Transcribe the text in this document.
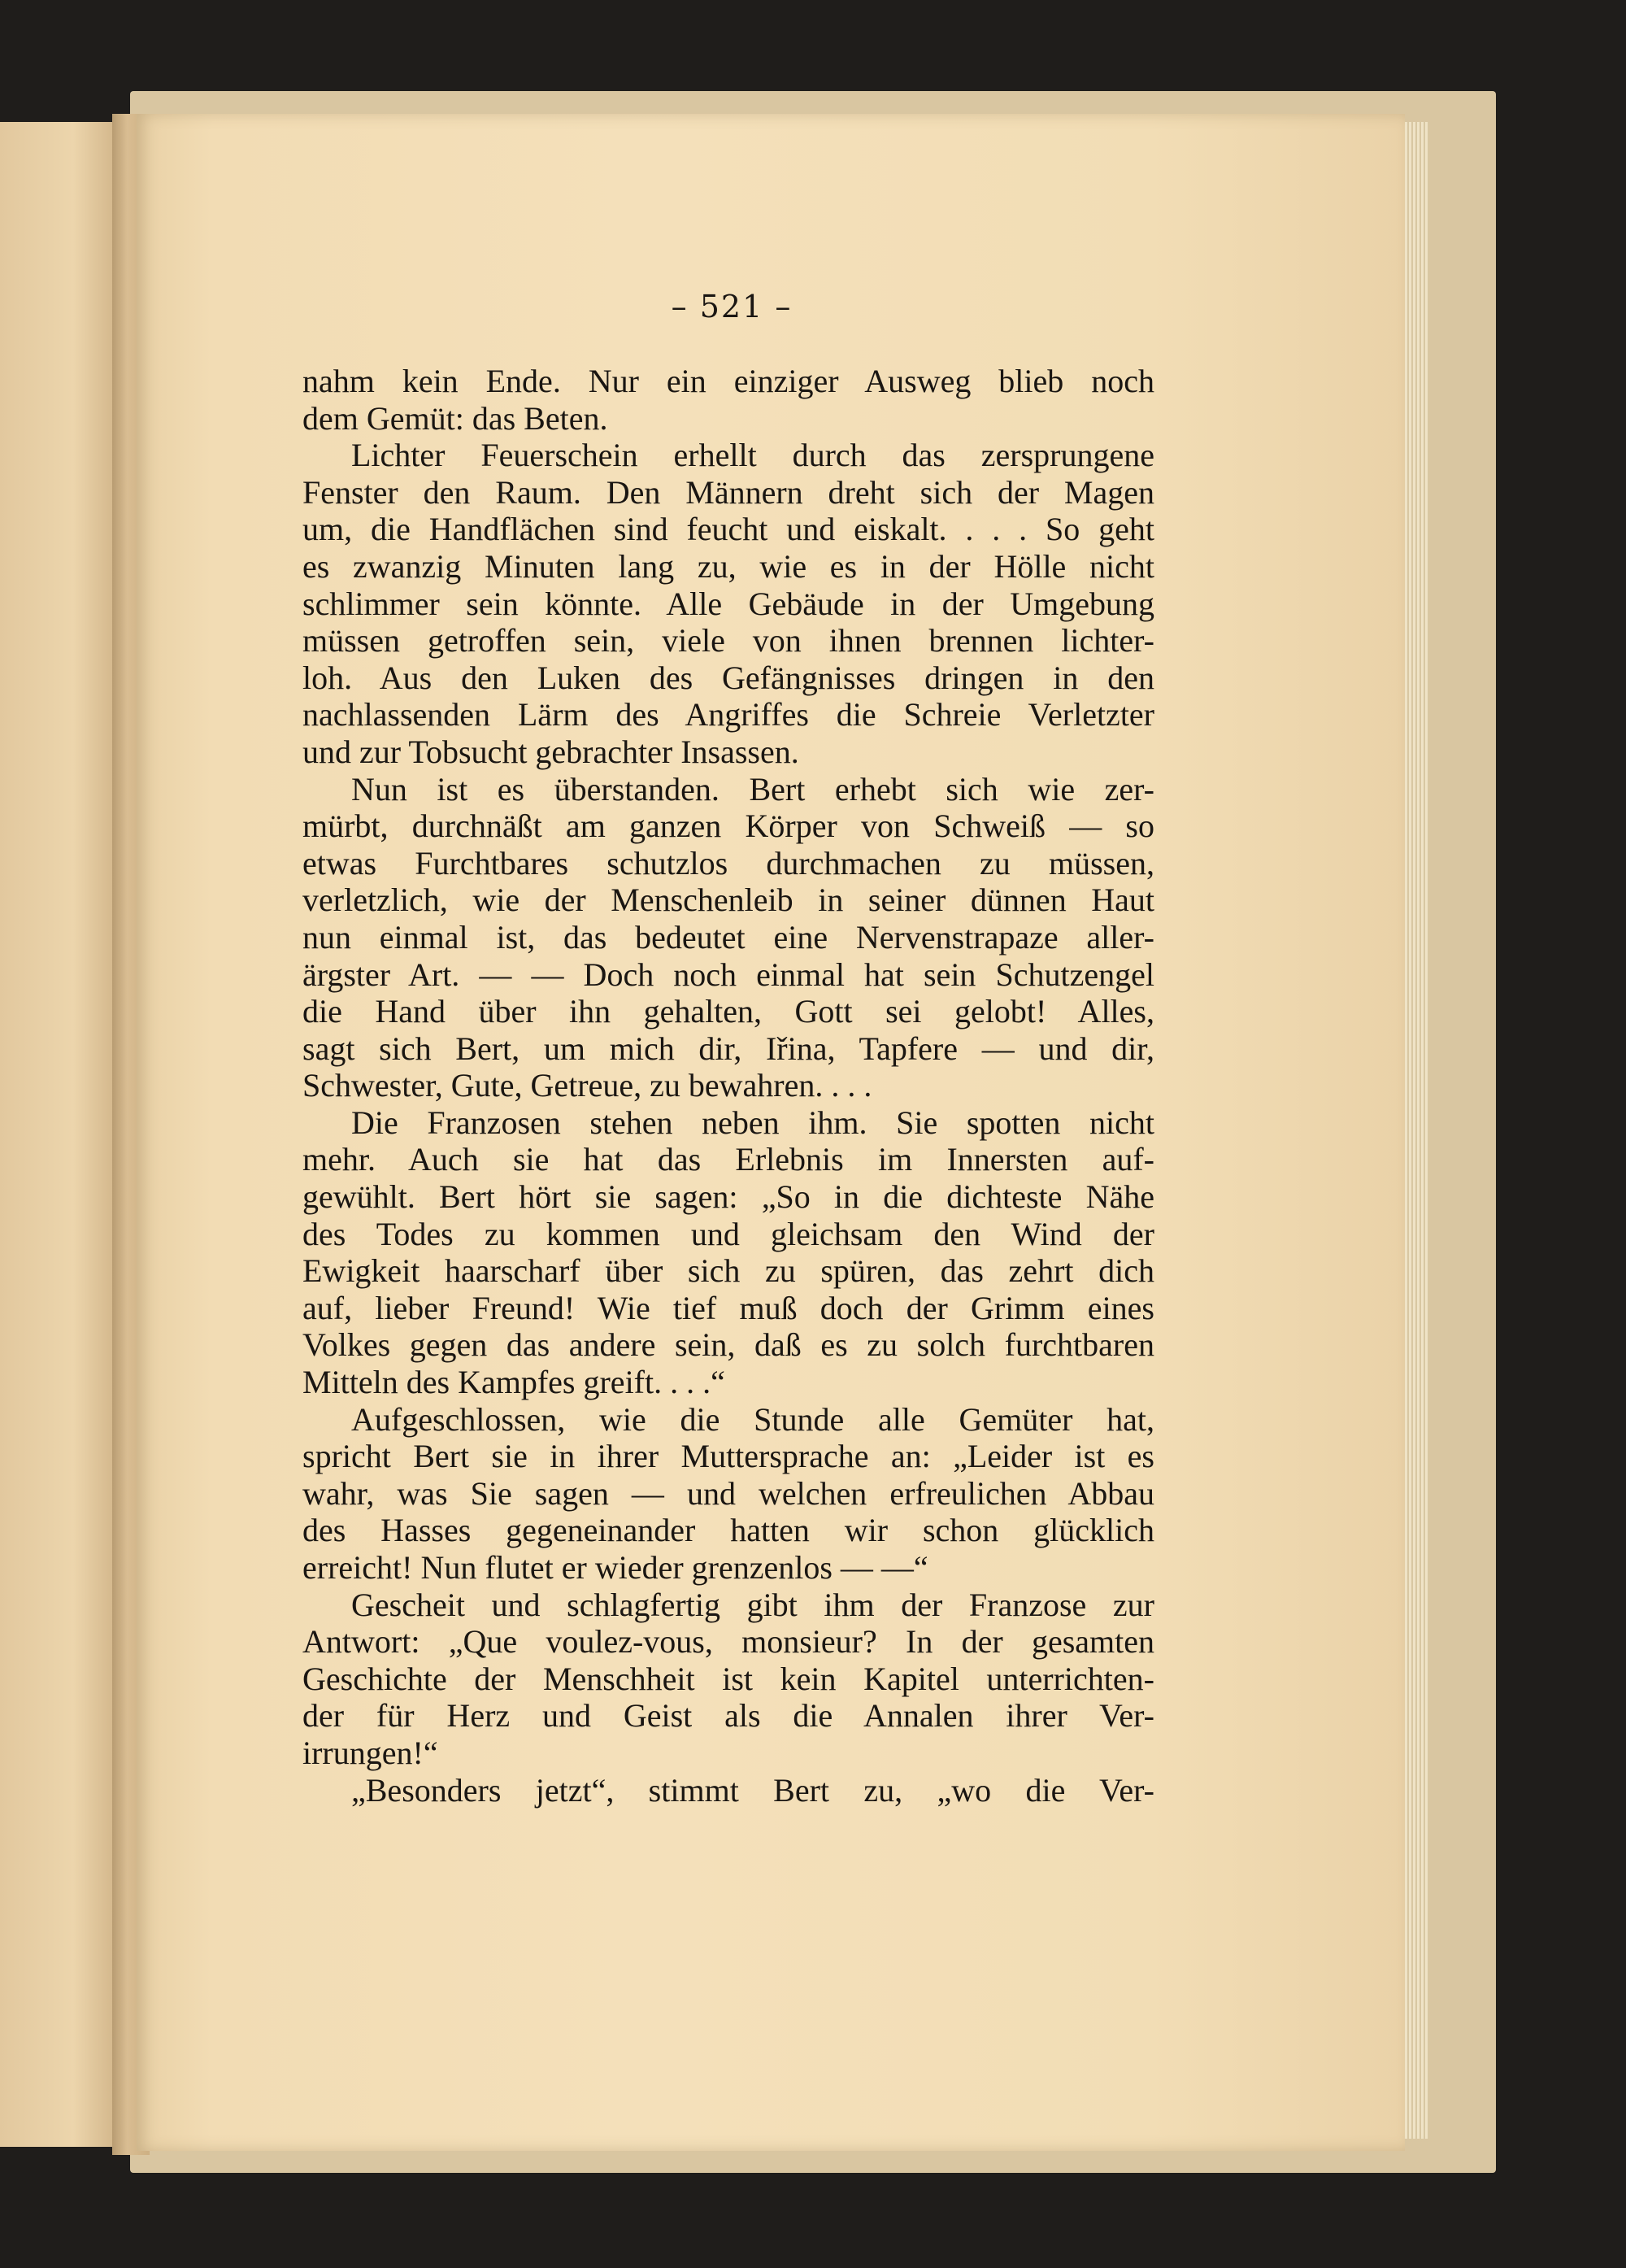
– 521 –
nahm kein Ende. Nur ein einziger Ausweg blieb noch
dem Gemüt: das Beten.
Lichter Feuerschein erhellt durch das zersprungene
Fenster den Raum. Den Männern dreht sich der Magen
um, die Handflächen sind feucht und eiskalt. . . . So geht
es zwanzig Minuten lang zu, wie es in der Hölle nicht
schlimmer sein könnte. Alle Gebäude in der Umgebung
müssen getroffen sein, viele von ihnen brennen lichter-
loh. Aus den Luken des Gefängnisses dringen in den
nachlassenden Lärm des Angriffes die Schreie Verletzter
und zur Tobsucht gebrachter Insassen.
Nun ist es überstanden. Bert erhebt sich wie zer-
mürbt, durchnäßt am ganzen Körper von Schweiß — so
etwas Furchtbares schutzlos durchmachen zu müssen,
verletzlich, wie der Menschenleib in seiner dünnen Haut
nun einmal ist, das bedeutet eine Nervenstrapaze aller-
ärgster Art. — — Doch noch einmal hat sein Schutzengel
die Hand über ihn gehalten, Gott sei gelobt! Alles,
sagt sich Bert, um mich dir, Iřina, Tapfere — und dir,
Schwester, Gute, Getreue, zu bewahren. . . .
Die Franzosen stehen neben ihm. Sie spotten nicht
mehr. Auch sie hat das Erlebnis im Innersten auf-
gewühlt. Bert hört sie sagen: „So in die dichteste Nähe
des Todes zu kommen und gleichsam den Wind der
Ewigkeit haarscharf über sich zu spüren, das zehrt dich
auf, lieber Freund! Wie tief muß doch der Grimm eines
Volkes gegen das andere sein, daß es zu solch furchtbaren
Mitteln des Kampfes greift. . . .“
Aufgeschlossen, wie die Stunde alle Gemüter hat,
spricht Bert sie in ihrer Muttersprache an: „Leider ist es
wahr, was Sie sagen — und welchen erfreulichen Abbau
des Hasses gegeneinander hatten wir schon glücklich
erreicht! Nun flutet er wieder grenzenlos — —“
Gescheit und schlagfertig gibt ihm der Franzose zur
Antwort: „Que voulez-vous, monsieur? In der gesamten
Geschichte der Menschheit ist kein Kapitel unterrichten-
der für Herz und Geist als die Annalen ihrer Ver-
irrungen!“
„Besonders jetzt“, stimmt Bert zu, „wo die Ver-
